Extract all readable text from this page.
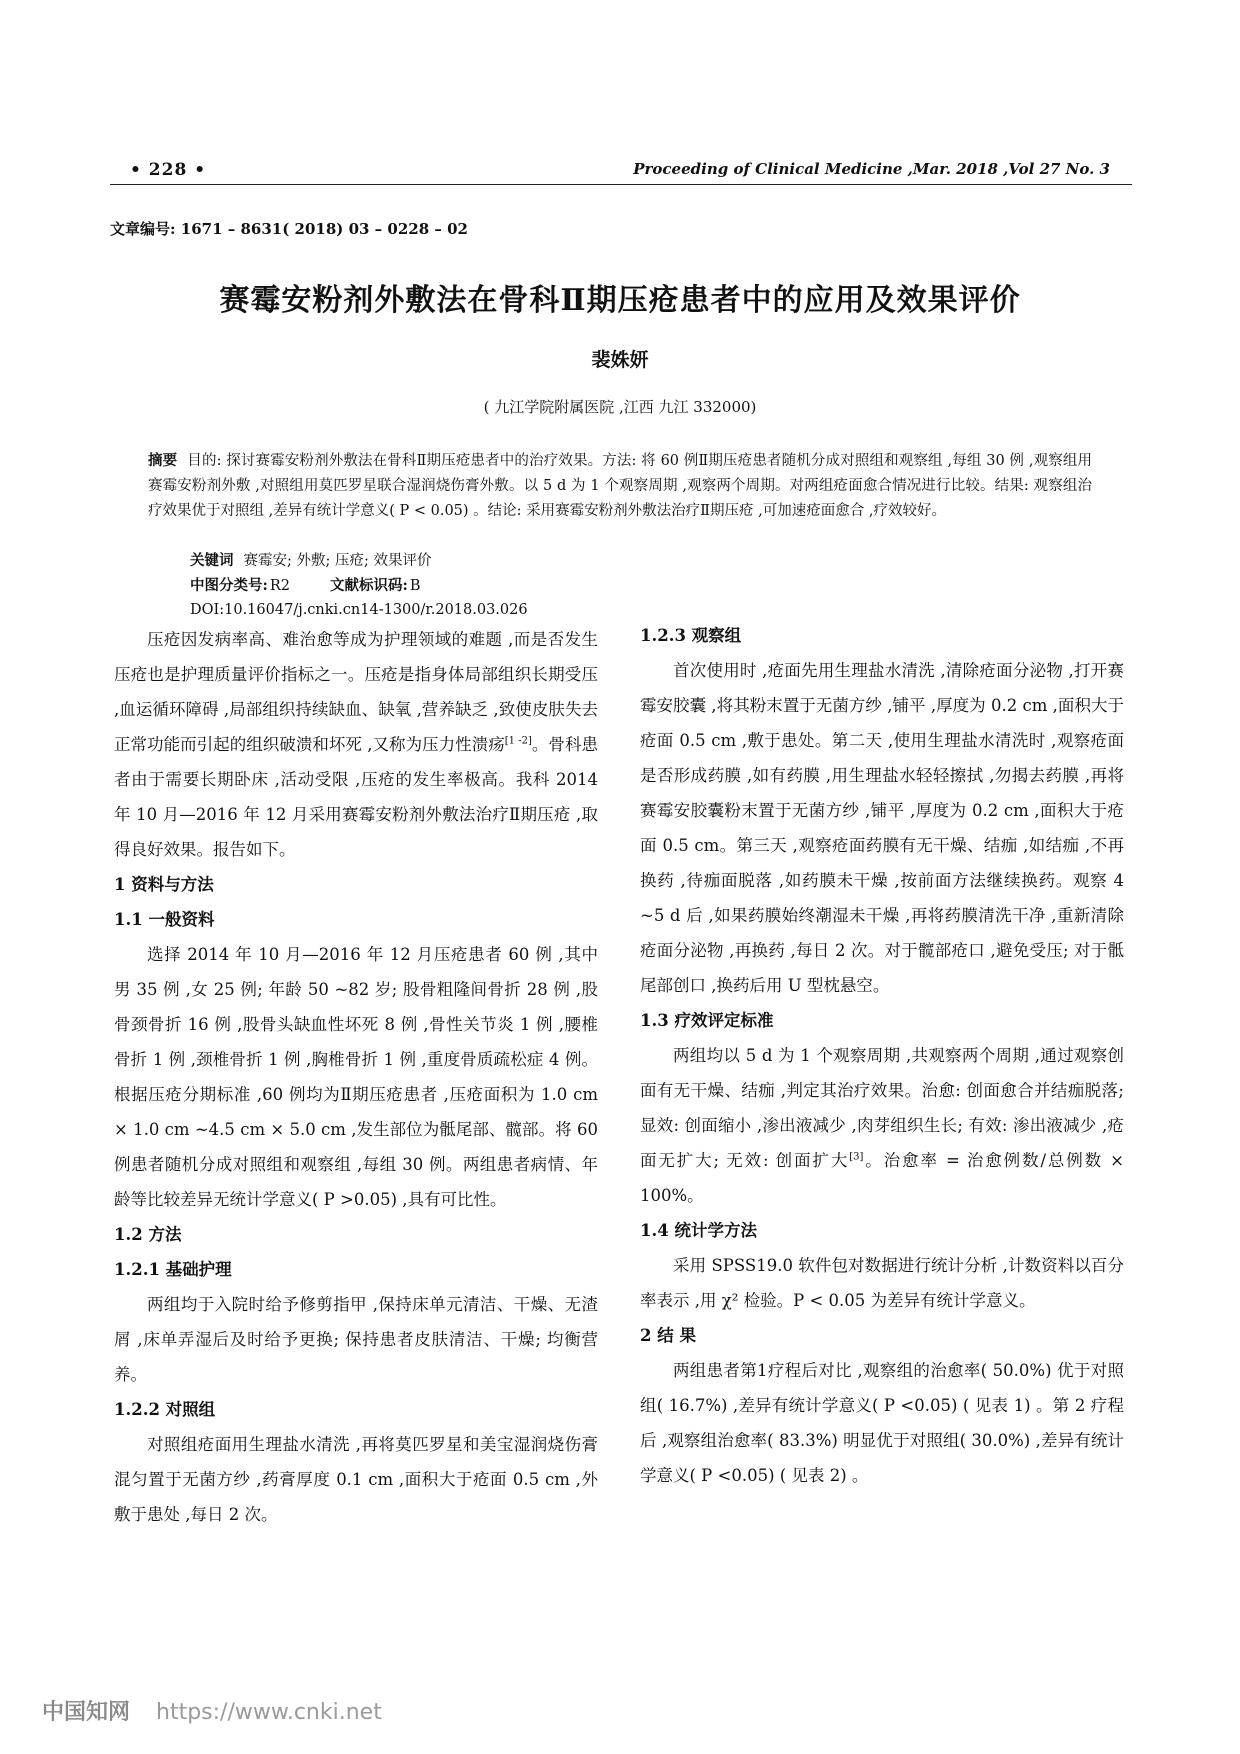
• 228 •	Proceeding of Clinical Medicine ,Mar. 2018 ,Vol 27 No. 3
文章编号: 1671 – 8631( 2018) 03 – 0228 – 02
赛霉安粉剂外敷法在骨科Ⅱ期压疮患者中的应用及效果评价
裴姝妍
( 九江学院附属医院 ,江西 九江 332000)
摘要 目的: 探讨赛霉安粉剂外敷法在骨科Ⅱ期压疮患者中的治疗效果。方法: 将 60 例Ⅱ期压疮患者随机分成对照组和观察组 ,每组 30 例 ,观察组用赛霉安粉剂外敷 ,对照组用莫匹罗星联合湿润烧伤膏外敷。以 5 d 为 1 个观察周期 ,观察两个周期。对两组疮面愈合情况进行比较。结果: 观察组治疗效果优于对照组 ,差异有统计学意义( P < 0.05) 。结论: 采用赛霉安粉剂外敷法治疗Ⅱ期压疮 ,可加速疮面愈合 ,疗效较好。
关键词 赛霉安; 外敷; 压疮; 效果评价
中图分类号: R2	文献标识码: B
DOI:10.16047/j.cnki.cn14-1300/r.2018.03.026

压疮因发病率高、难治愈等成为护理领域的难题 ,而是否发生压疮也是护理质量评价指标之一。压疮是指身体局部组织长期受压 ,血运循环障碍 ,局部组织持续缺血、缺氧 ,营养缺乏 ,致使皮肤失去正常功能而引起的组织破溃和坏死 ,又称为压力性溃疡[1 -2]。骨科患者由于需要长期卧床 ,活动受限 ,压疮的发生率极高。我科 2014 年 10 月—2016 年 12 月采用赛霉安粉剂外敷法治疗Ⅱ期压疮 ,取得良好效果。报告如下。

1 资料与方法

1.1 一般资料

选择 2014 年 10 月—2016 年 12 月压疮患者 60 例 ,其中男 35 例 ,女 25 例; 年龄 50 ~82 岁; 股骨粗隆间骨折 28 例 ,股骨颈骨折 16 例 ,股骨头缺血性坏死 8 例 ,骨性关节炎 1 例 ,腰椎骨折 1 例 ,颈椎骨折 1 例 ,胸椎骨折 1 例 ,重度骨质疏松症 4 例。根据压疮分期标准 ,60 例均为Ⅱ期压疮患者 ,压疮面积为 1.0 cm × 1.0 cm ~4.5 cm × 5.0 cm ,发生部位为骶尾部、髋部。将 60 例患者随机分成对照组和观察组 ,每组 30 例。两组患者病情、年龄等比较差异无统计学意义( P >0.05) ,具有可比性。

1.2 方法

1.2.1 基础护理

两组均于入院时给予修剪指甲 ,保持床单元清洁、干燥、无渣屑 ,床单弄湿后及时给予更换; 保持患者皮肤清洁、干燥; 均衡营养。

1.2.2 对照组

对照组疮面用生理盐水清洗 ,再将莫匹罗星和美宝湿润烧伤膏混匀置于无菌方纱 ,药膏厚度 0.1 cm ,面积大于疮面 0.5 cm ,外敷于患处 ,每日 2 次。

1.2.3 观察组

首次使用时 ,疮面先用生理盐水清洗 ,清除疮面分泌物 ,打开赛霉安胶囊 ,将其粉末置于无菌方纱 ,铺平 ,厚度为 0.2 cm ,面积大于疮面 0.5 cm ,敷于患处。第二天 ,使用生理盐水清洗时 ,观察疮面是否形成药膜 ,如有药膜 ,用生理盐水轻轻擦拭 ,勿揭去药膜 ,再将赛霉安胶囊粉末置于无菌方纱 ,铺平 ,厚度为 0.2 cm ,面积大于疮面 0.5 cm。第三天 ,观察疮面药膜有无干燥、结痂 ,如结痂 ,不再换药 ,待痂面脱落 ,如药膜未干燥 ,按前面方法继续换药。观察 4 ~5 d 后 ,如果药膜始终潮湿未干燥 ,再将药膜清洗干净 ,重新清除疮面分泌物 ,再换药 ,每日 2 次。对于髋部疮口 ,避免受压; 对于骶尾部创口 ,换药后用 U 型枕悬空。

1.3 疗效评定标准

两组均以 5 d 为 1 个观察周期 ,共观察两个周期 ,通过观察创面有无干燥、结痂 ,判定其治疗效果。治愈: 创面愈合并结痂脱落; 显效: 创面缩小 ,渗出液减少 ,肉芽组织生长; 有效: 渗出液减少 ,疮面无扩大; 无效: 创面扩大[3]。治愈率 = 治愈例数/总例数 × 100%。

1.4 统计学方法

采用 SPSS19.0 软件包对数据进行统计分析 ,计数资料以百分率表示 ,用 χ² 检验。P < 0.05 为差异有统计学意义。

2 结 果

两组患者第1疗程后对比 ,观察组的治愈率( 50.0%) 优于对照组( 16.7%) ,差异有统计学意义( P <0.05) ( 见表 1) 。第 2 疗程后 ,观察组治愈率( 83.3%) 明显优于对照组( 30.0%) ,差异有统计学意义( P <0.05) ( 见表 2) 。

中国知网 https://www.cnki.net
